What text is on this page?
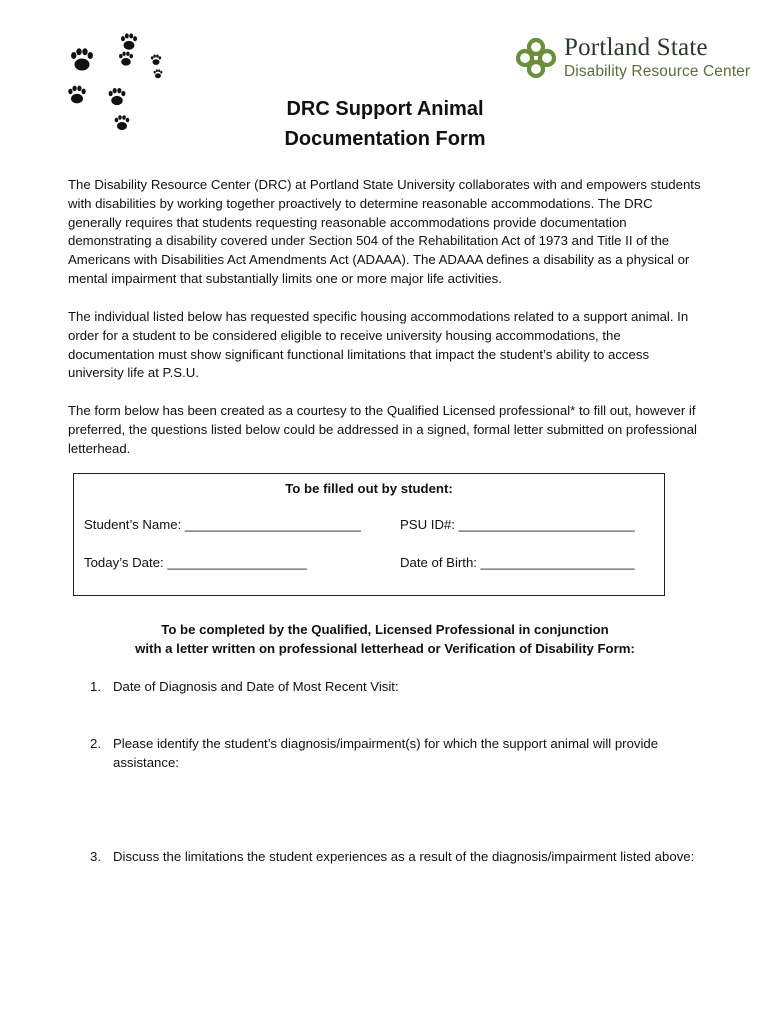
Portland State
Disability Resource Center
DRC Support Animal
Documentation Form

The Disability Resource Center (DRC) at Portland State University collaborates with and empowers students with disabilities by working together proactively to determine reasonable accommodations. The DRC generally requires that students requesting reasonable accommodations provide documentation demonstrating a disability covered under Section 504 of the Rehabilitation Act of 1973 and Title II of the Americans with Disabilities Act Amendments Act (ADAAA). The ADAAA defines a disability as a physical or mental impairment that substantially limits one or more major life activities.

The individual listed below has requested specific housing accommodations related to a support animal. In order for a student to be considered eligible to receive university housing accommodations, the documentation must show significant functional limitations that impact the student’s ability to access university life at P.S.U.

The form below has been created as a courtesy to the Qualified Licensed professional* to fill out, however if preferred, the questions listed below could be addressed in a signed, formal letter submitted on professional letterhead.

To be filled out by student:
Student’s Name: ________________________	PSU ID#: ________________________
Today’s Date: ___________________	Date of Birth: _____________________
To be completed by the Qualified, Licensed Professional in conjunction
with a letter written on professional letterhead or Verification of Disability Form:
1. Date of Diagnosis and Date of Most Recent Visit:
2. Please identify the student’s diagnosis/impairment(s) for which the support animal will provide assistance:
3. Discuss the limitations the student experiences as a result of the diagnosis/impairment listed above:
